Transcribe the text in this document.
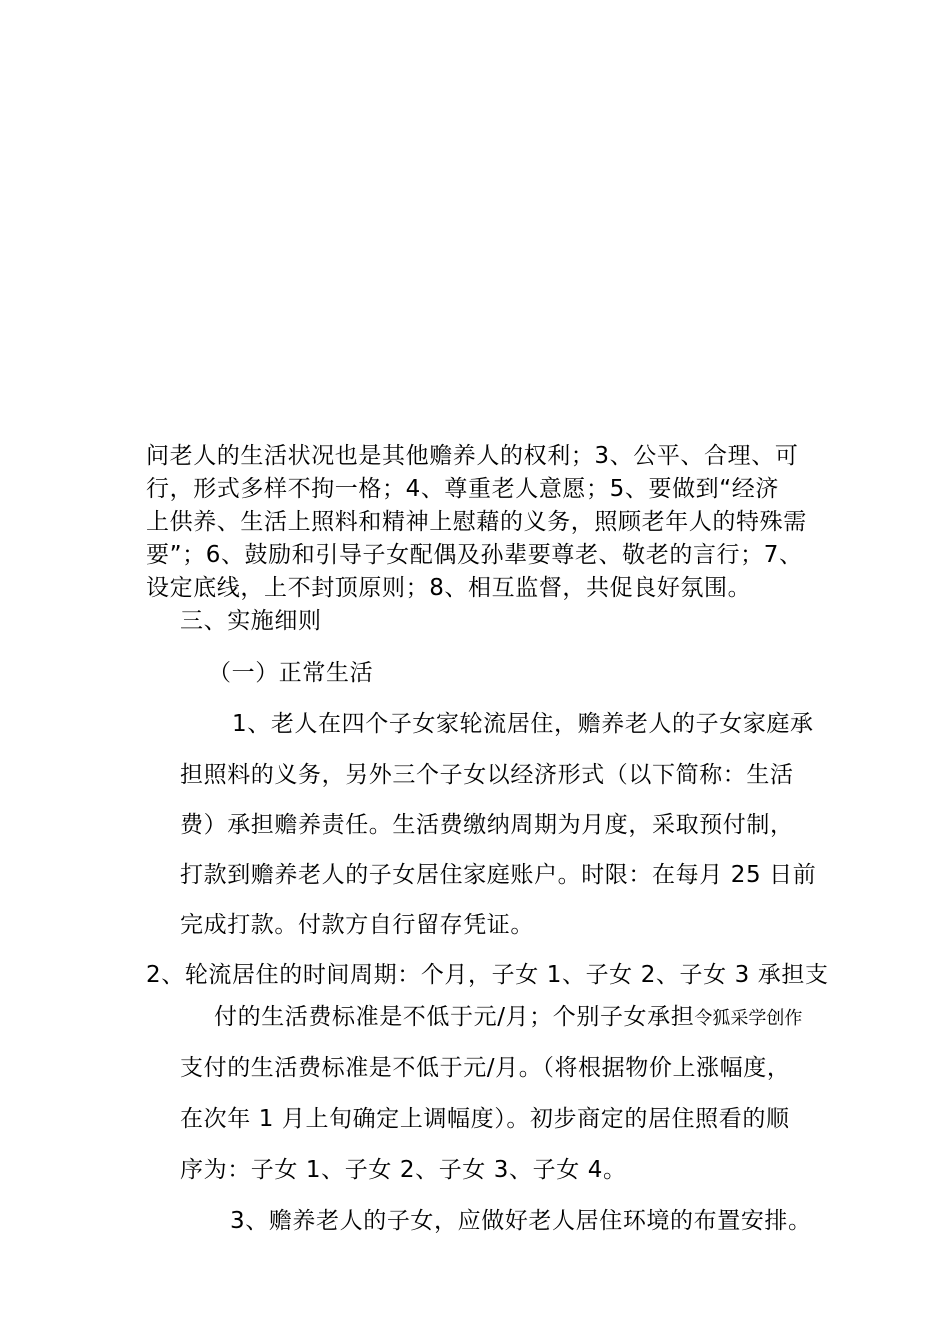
问老人的生活状况也是其他赡养人的权利；3、公平、合理、可
行，形式多样不拘一格；4、尊重老人意愿；5、要做到“经济
上供养、生活上照料和精神上慰藉的义务，照顾老年人的特殊需
要”；6、鼓励和引导子女配偶及孙辈要尊老、敬老的言行；7、
设定底线，上不封顶原则；8、相互监督，共促良好氛围。
三、实施细则
（一）正常生活
1、老人在四个子女家轮流居住，赡养老人的子女家庭承
担照料的义务，另外三个子女以经济形式（以下简称：生活
费）承担赡养责任。生活费缴纳周期为月度，采取预付制，
打款到赡养老人的子女居住家庭账户。时限：在每月 25 日前
完成打款。付款方自行留存凭证。
2、轮流居住的时间周期：个月，子女 1、子女 2、子女 3 承担支
付的生活费标准是不低于元/月；个别子女承担令狐采学创作
支付的生活费标准是不低于元/月。（将根据物价上涨幅度，
在次年 1 月上旬确定上调幅度）。初步商定的居住照看的顺
序为：子女 1、子女 2、子女 3、子女 4。
3、赡养老人的子女，应做好老人居住环境的布置安排。
